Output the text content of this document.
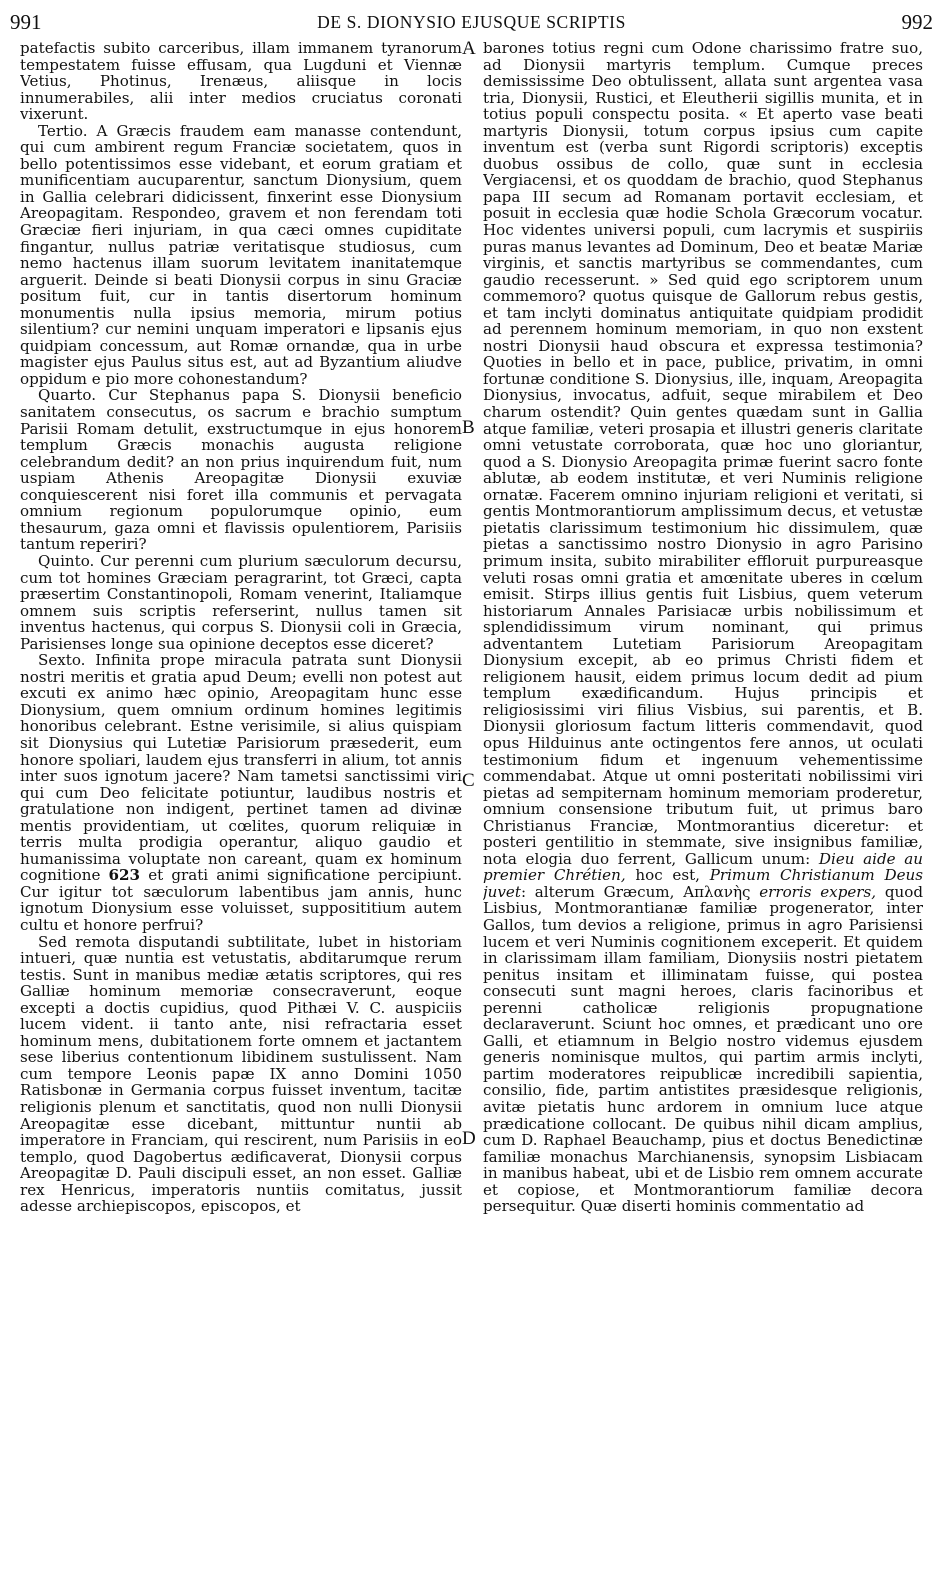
991	DE S. DIONYSIO EJUSQUE SCRIPTIS	992
A
B
C
D

patefactis subito carceribus, illam immanem tyranorum tempestatem fuisse effusam, qua Lugduni et Viennæ Vetius, Photinus, Irenæus, aliisque in locis innumerabiles, alii inter medios cruciatus coronati vixerunt.

Tertio. A Græcis fraudem eam manasse contendunt, qui cum ambirent regum Franciæ societatem, quos in bello potentissimos esse videbant, et eorum gratiam et munificentiam aucuparentur, sanctum Dionysium, quem in Gallia celebrari didicissent, finxerint esse Dionysium Areopagitam. Respondeo, gravem et non ferendam toti Græciæ fieri injuriam, in qua cæci omnes cupiditate fingantur, nullus patriæ veritatisque studiosus, cum nemo hactenus illam suorum levitatem inanitatemque arguerit. Deinde si beati Dionysii corpus in sinu Graciæ positum fuit, cur in tantis disertorum hominum monumentis nulla ipsius memoria, mirum potius silentium? cur nemini unquam imperatori e lipsanis ejus quidpiam concessum, aut Romæ ornandæ, qua in urbe magister ejus Paulus situs est, aut ad Byzantium aliudve oppidum e pio more cohonestandum?

Quarto. Cur Stephanus papa S. Dionysii beneficio sanitatem consecutus, os sacrum e brachio sumptum Parisii Romam detulit, exstructumque in ejus honorem templum Græcis monachis augusta religione celebrandum dedit? an non prius inquirendum fuit, num uspiam Athenis Areopagitæ Dionysii exuviæ conquiescerent nisi foret illa communis et pervagata omnium regionum populorumque opinio, eum thesaurum, gaza omni et flavissis opulentiorem, Parisiis tantum reperiri?

Quinto. Cur perenni cum plurium sæculorum decursu, cum tot homines Græciam peragrarint, tot Græci, capta præsertim Constantinopoli, Romam venerint, Italiamque omnem suis scriptis referserint, nullus tamen sit inventus hactenus, qui corpus S. Dionysii coli in Græcia, Parisienses longe sua opinione deceptos esse diceret?

Sexto. Infinita prope miracula patrata sunt Dionysii nostri meritis et gratia apud Deum; evelli non potest aut excuti ex animo hæc opinio, Areopagitam hunc esse Dionysium, quem omnium ordinum homines legitimis honoribus celebrant. Estne verisimile, si alius quispiam sit Dionysius qui Lutetiæ Parisiorum præsederit, eum honore spoliari, laudem ejus transferri in alium, tot annis inter suos ignotum jacere? Nam tametsi sanctissimi viri qui cum Deo felicitate potiuntur, laudibus nostris et gratulatione non indigent, pertinet tamen ad divinæ mentis providentiam, ut cœlites, quorum reliquiæ in terris multa prodigia operantur, aliquo gaudio et humanissima voluptate non careant, quam ex hominum cognitione 623 et grati animi significatione percipiunt. Cur igitur tot sæculorum labentibus jam annis, hunc ignotum Dionysium esse voluisset, supposititium autem cultu et honore perfrui?

Sed remota disputandi subtilitate, lubet in historiam intueri, quæ nuntia est vetustatis, abditarumque rerum testis. Sunt in manibus mediæ ætatis scriptores, qui res Galliæ hominum memoriæ consecraverunt, eoque excepti a doctis cupidius, quod Pithæi V. C. auspiciis lucem vident. ii tanto ante, nisi refractaria esset hominum mens, dubitationem forte omnem et jactantem sese liberius contentionum libidinem sustulissent. Nam cum tempore Leonis papæ IX anno Domini 1050 Ratisbonæ in Germania corpus fuisset inventum, tacitæ religionis plenum et sanctitatis, quod non nulli Dionysii Areopagitæ esse dicebant, mittuntur nuntii ab imperatore in Franciam, qui rescirent, num Parisiis in eo templo, quod Dagobertus ædificaverat, Dionysii corpus Areopagitæ D. Pauli discipuli esset, an non esset. Galliæ rex Henricus, imperatoris nuntiis comitatus, jussit adesse archiepiscopos, episcopos, et

barones totius regni cum Odone charissimo fratre suo, ad Dionysii martyris templum. Cumque preces demississime Deo obtulissent, allata sunt argentea vasa tria, Dionysii, Rustici, et Eleutherii sigillis munita, et in totius populi conspectu posita. « Et aperto vase beati martyris Dionysii, totum corpus ipsius cum capite inventum est (verba sunt Rigordi scriptoris) exceptis duobus ossibus de collo, quæ sunt in ecclesia Vergiacensi, et os quoddam de brachio, quod Stephanus papa III secum ad Romanam portavit ecclesiam, et posuit in ecclesia quæ hodie Schola Græcorum vocatur. Hoc videntes universi populi, cum lacrymis et suspiriis puras manus levantes ad Dominum, Deo et beatæ Mariæ virginis, et sanctis martyribus se commendantes, cum gaudio recesserunt. » Sed quid ego scriptorem unum commemoro? quotus quisque de Gallorum rebus gestis, et tam inclyti dominatus antiquitate quidpiam prodidit ad perennem hominum memoriam, in quo non exstent nostri Dionysii haud obscura et expressa testimonia? Quoties in bello et in pace, publice, privatim, in omni fortunæ conditione S. Dionysius, ille, inquam, Areopagita Dionysius, invocatus, adfuit, seque mirabilem et Deo charum ostendit? Quin gentes quædam sunt in Gallia atque familiæ, veteri prosapia et illustri generis claritate omni vetustate corroborata, quæ hoc uno gloriantur, quod a S. Dionysio Areopagita primæ fuerint sacro fonte ablutæ, ab eodem institutæ, et veri Numinis religione ornatæ. Facerem omnino injuriam religioni et veritati, si gentis Montmorantiorum amplissimum decus, et vetustæ pietatis clarissimum testimonium hic dissimulem, quæ pietas a sanctissimo nostro Dionysio in agro Parisino primum insita, subito mirabiliter effloruit purpureasque veluti rosas omni gratia et amœnitate uberes in cœlum emisit. Stirps illius gentis fuit Lisbius, quem veterum historiarum Annales Parisiacæ urbis nobilissimum et splendidissimum virum nominant, qui primus adventantem Lutetiam Parisiorum Areopagitam Dionysium excepit, ab eo primus Christi fidem et religionem hausit, eidem primus locum dedit ad pium templum exædificandum. Hujus principis et religiosissimi viri filius Visbius, sui parentis, et B. Dionysii gloriosum factum litteris commendavit, quod opus Hilduinus ante octingentos fere annos, ut oculati testimonium fidum et ingenuum vehementissime commendabat. Atque ut omni posteritati nobilissimi viri pietas ad sempiternam hominum memoriam proderetur, omnium consensione tributum fuit, ut primus baro Christianus Franciæ, Montmorantius diceretur: et posteri gentilitio in stemmate, sive insignibus familiæ, nota elogia duo ferrent, Gallicum unum: Dieu aide au premier Chrétien, hoc est, Primum Christianum Deus juvet: alterum Græcum, Απλανὴς erroris expers, quod Lisbius, Montmorantianæ familiæ progenerator, inter Gallos, tum devios a religione, primus in agro Parisiensi lucem et veri Numinis cognitionem exceperit. Et quidem in clarissimam illam familiam, Dionysiis nostri pietatem penitus insitam et illiminatam fuisse, qui postea consecuti sunt magni heroes, claris facinoribus et perenni catholicæ religionis propugnatione declaraverunt. Sciunt hoc omnes, et prædicant uno ore Galli, et etiamnum in Belgio nostro videmus ejusdem generis nominisque multos, qui partim armis inclyti, partim moderatores reipublicæ incredibili sapientia, consilio, fide, partim antistites præsidesque religionis, avitæ pietatis hunc ardorem in omnium luce atque prædicatione collocant. De quibus nihil dicam amplius, cum D. Raphael Beauchamp, pius et doctus Benedictinæ familiæ monachus Marchianensis, synopsim Lisbiacam in manibus habeat, ubi et de Lisbio rem omnem accurate et copiose, et Montmorantiorum familiæ decora persequitur. Quæ diserti hominis commentatio ad
